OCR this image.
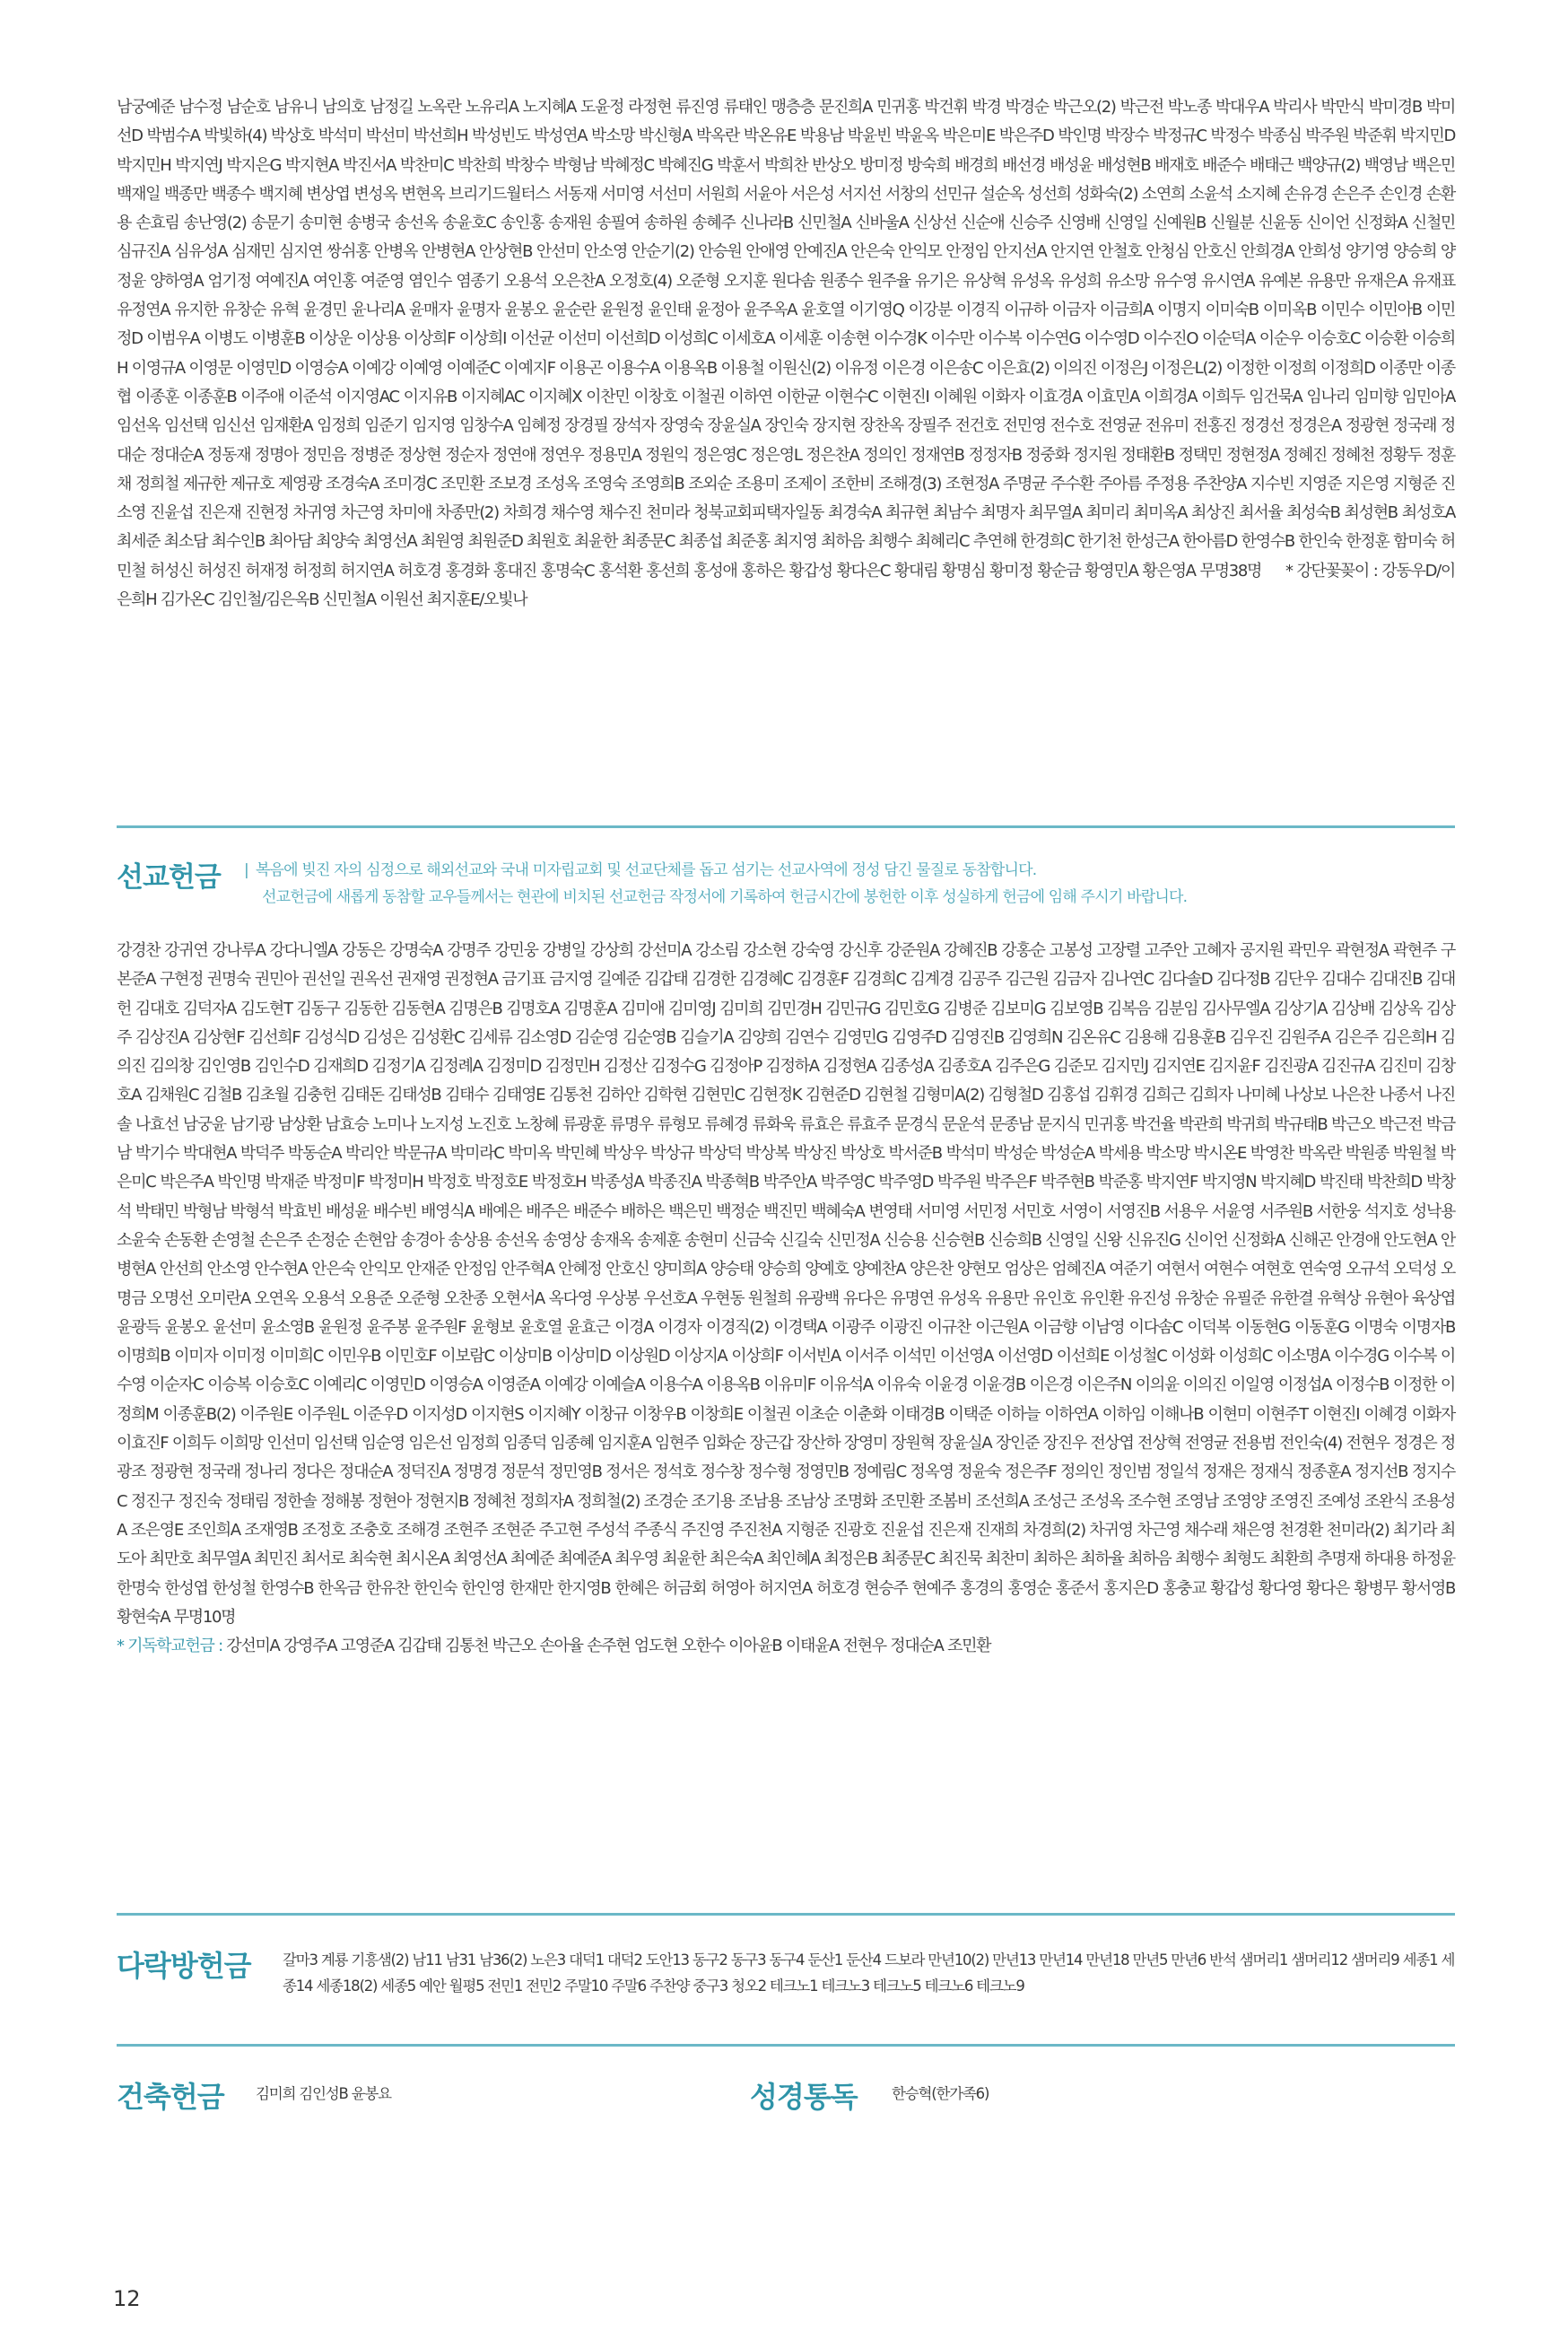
남궁예준 남수정 남순호 남유니 남의호 남정길 노옥란 노유리A 노지혜A 도윤정 라정현 류진영 류태인 맹층층 문진희A 민귀홍 박건휘 박경 박경순 박근오(2) 박근전 박노종 박대우A 박리사 박만식 박미경B 박미선D 박범수A 박빛하(4) 박상호 박석미 박선미 박선희H 박성빈도 박성연A 박소망 박신형A 박옥란 박온유E 박용남 박윤빈 박윤옥 박은미E 박은주D 박인명 박장수 박정규C 박정수 박종심 박주원 박준휘 박지민D 박지민H 박지연J 박지은G 박지현A 박진서A 박찬미C 박찬희 박창수 박형남 박혜정C 박혜진G 박훈서 박희찬 반상오 방미정 방숙희 배경희 배선경 배성윤 배성현B 배재호 배준수 배태근 백양규(2) 백영남 백은민 백재일 백종만 백종수 백지혜 변상엽 변성옥 변현옥 브리기드월터스 서동재 서미영 서선미 서원희 서윤아 서은성 서지선 서창의 선민규 설순옥 성선희 성화숙(2) 소연희 소윤석 소지혜 손유경 손은주 손인경 손환용 손효림 송난영(2) 송문기 송미현 송병국 송선옥 송윤호C 송인홍 송재원 송필여 송하원 송혜주 신나라B 신민철A 신바울A 신상선 신순애 신승주 신영배 신영일 신예원B 신월분 신윤동 신이언 신정화A 신철민 심규진A 심유성A 심재민 심지연 쌍쉬홍 안병옥 안병현A 안상현B 안선미 안소영 안순기(2) 안승원 안애영 안예진A 안은숙 안익모 안정임 안지선A 안지연 안철호 안청심 안호신 안희경A 안희성 양기영 양승희 양정윤 양하영A 엄기정 여예진A 여인홍 여준영 염인수 염종기 오용석 오은찬A 오정호(4) 오준형 오지훈 원다솜 원종수 원주율 유기은 유상혁 유성옥 유성희 유소망 유수영 유시연A 유예본 유용만 유재은A 유재표 유정연A 유지한 유창순 유혁 윤경민 윤나리A 윤매자 윤명자 윤봉오 윤순란 윤원정 윤인태 윤정아 윤주옥A 윤호열 이기영Q 이강분 이경직 이규하 이금자 이금희A 이명지 이미숙B 이미옥B 이민수 이민아B 이민정D 이범우A 이병도 이병훈B 이상운 이상용 이상희F 이상희I 이선균 이선미 이선희D 이성희C 이세호A 이세훈 이송현 이수경K 이수만 이수복 이수연G 이수영D 이수진O 이순덕A 이순우 이승호C 이승환 이승희H 이영규A 이영문 이영민D 이영승A 이예강 이예영 이예준C 이예지F 이용곤 이용수A 이용옥B 이용철 이원신(2) 이유정 이은경 이은송C 이은효(2) 이의진 이정은J 이정은L(2) 이정한 이정희 이정희D 이종만 이종협 이종훈 이종훈B 이주애 이준석 이지영AC 이지유B 이지혜AC 이지혜X 이찬민 이창호 이철권 이하연 이한균 이현수C 이현진I 이혜원 이화자 이효경A 이효민A 이희경A 이희두 임건묵A 임나리 임미향 임민아A 임선옥 임선택 임신선 임재환A 임정희 임준기 임지영 임창수A 임혜정 장경필 장석자 장영숙 장윤실A 장인숙 장지현 장찬옥 장필주 전건호 전민영 전수호 전영균 전유미 전홍진 정경선 정경은A 정광현 정국래 정대순 정대순A 정동재 정명아 정민음 정병준 정상현 정순자 정연애 정연우 정용민A 정원익 정은영C 정은영L 정은찬A 정의인 정재연B 정정자B 정중화 정지원 정태환B 정택민 정현정A 정혜진 정혜천 정황두 정훈채 정희철 제규한 제규호 제영광 조경숙A 조미경C 조민환 조보경 조성옥 조영숙 조영희B 조외순 조용미 조제이 조한비 조해경(3) 조현정A 주명균 주수환 주아름 주정용 주찬양A 지수빈 지영준 지은영 지형준 진소영 진윤섭 진은재 진현정 차귀영 차근영 차미애 차종만(2) 차희경 채수영 채수진 천미라 청북교회피택자일동 최경숙A 최규현 최남수 최명자 최무열A 최미리 최미옥A 최상진 최서율 최성숙B 최성현B 최성호A 최세준 최소담 최수인B 최아담 최양숙 최영선A 최원영 최원준D 최원호 최윤한 최종문C 최종섭 최준홍 최지영 최하음 최행수 최혜리C 추연해 한경희C 한기천 한성근A 한아름D 한영수B 한인숙 한정훈 함미숙 허민철 허성신 허성진 허재정 허정희 허지연A 허호경 홍경화 홍대진 홍명숙C 홍석환 홍선희 홍성애 홍하은 황갑성 황다은C 황대림 황명심 황미정 황순금 황영민A 황은영A 무명38명 * 강단꽃꽂이 : 강동우D/이은희H 김가온C 김인철/김은옥B 신민철A 이원선 최지훈E/오빛나

선교헌금 | 복음에 빚진 자의 심정으로 해외선교와 국내 미자립교회 및 선교단체를 돕고 섬기는 선교사역에 정성 담긴 물질로 동참합니다.

선교헌금에 새롭게 동참할 교우들께서는 현관에 비치된 선교헌금 작정서에 기록하여 헌금시간에 봉헌한 이후 성실하게 헌금에 임해 주시기 바랍니다.

강경찬 강귀연 강나루A 강다니엘A 강동은 강명숙A 강명주 강민웅 강병일 강상희 강선미A 강소림 강소현 강숙영 강신후 강준원A 강혜진B 강홍순 고봉성 고장렬 고주안 고혜자 공지원 곽민우 곽현정A 곽현주 구본준A 구현정 권명숙 권민아 권선일 권옥선 권재영 권정현A 금기표 금지영 길예준 김갑태 김경한 김경혜C 김경훈F 김경희C 김계경 김공주 김근원 김금자 김나연C 김다솔D 김다정B 김단우 김대수 김대진B 김대헌 김대호 김덕자A 김도현T 김동구 김동한 김동현A 김명은B 김명호A 김명훈A 김미애 김미영J 김미희 김민경H 김민규G 김민호G 김병준 김보미G 김보영B 김복음 김분임 김사무엘A 김상기A 김상배 김상옥 김상주 김상진A 김상현F 김선희F 김성식D 김성은 김성환C 김세류 김소영D 김순영 김순영B 김슬기A 김양희 김연수 김영민G 김영주D 김영진B 김영희N 김온유C 김용해 김용훈B 김우진 김원주A 김은주 김은희H 김의진 김의창 김인영B 김인수D 김재희D 김정기A 김정례A 김정미D 김정민H 김정산 김정수G 김정아P 김정하A 김정현A 김종성A 김종호A 김주은G 김준모 김지민J 김지연E 김지윤F 김진광A 김진규A 김진미 김창호A 김채원C 김철B 김초월 김충헌 김태돈 김태성B 김태수 김태영E 김통천 김하안 김학현 김현민C 김현정K 김현준D 김현철 김형미A(2) 김형철D 김홍섭 김휘경 김희근 김희자 나미혜 나상보 나은찬 나종서 나진솔 나효선 남궁윤 남기광 남상환 남효승 노미나 노지성 노진호 노창혜 류광훈 류명우 류형모 류혜경 류화욱 류효은 류효주 문경식 문운석 문종남 문지식 민귀홍 박건율 박관희 박귀희 박규태B 박근오 박근전 박금남 박기수 박대현A 박덕주 박동순A 박리안 박문규A 박미라C 박미옥 박민혜 박상우 박상규 박상덕 박상복 박상진 박상호 박서준B 박석미 박성순 박성순A 박세용 박소망 박시온E 박영찬 박옥란 박원종 박원철 박은미C 박은주A 박인명 박재준 박정미F 박정미H 박정호 박정호E 박정호H 박종성A 박종진A 박종혁B 박주안A 박주영C 박주영D 박주원 박주은F 박주현B 박준홍 박지연F 박지영N 박지혜D 박진태 박찬희D 박창석 박태민 박형남 박형석 박효빈 배성윤 배수빈 배영식A 배예은 배주은 배준수 배하은 백은민 백정순 백진민 백혜숙A 변영태 서미영 서민정 서민호 서영이 서영진B 서용우 서윤영 서주원B 서한웅 석지호 성낙용 소윤숙 손동환 손영철 손은주 손정순 손현암 송경아 송상용 송선옥 송영상 송재옥 송제훈 송현미 신금숙 신길숙 신민정A 신승용 신승현B 신승희B 신영일 신왕 신유진G 신이언 신정화A 신해곤 안경애 안도현A 안병현A 안선희 안소영 안수현A 안은숙 안익모 안재준 안정임 안주혁A 안혜정 안호신 양미희A 양승태 양승희 양예호 양예찬A 양은찬 양현모 엄상은 엄혜진A 여준기 여현서 여현수 여현호 연숙영 오규석 오덕성 오명금 오명선 오미란A 오연옥 오용석 오용준 오준형 오찬종 오현서A 옥다영 우상봉 우선호A 우현동 원철희 유광백 유다은 유명연 유성옥 유용만 유인호 유인환 유진성 유창순 유필준 유한결 유혁상 유현아 육상엽 윤광득 윤봉오 윤선미 윤소영B 윤원정 윤주봉 윤주원F 윤형보 윤호열 윤효근 이경A 이경자 이경직(2) 이경택A 이광주 이광진 이규찬 이근원A 이금향 이남영 이다솜C 이덕복 이동현G 이동훈G 이명숙 이명자B 이명희B 이미자 이미정 이미희C 이민우B 이민호F 이보람C 이상미B 이상미D 이상원D 이상지A 이상희F 이서빈A 이서주 이석민 이선영A 이선영D 이선희E 이성철C 이성화 이성희C 이소명A 이수경G 이수복 이수영 이순자C 이승복 이승호C 이예리C 이영민D 이영승A 이영준A 이예강 이예슬A 이용수A 이용옥B 이유미F 이유석A 이유숙 이윤경 이윤경B 이은경 이은주N 이의윤 이의진 이일영 이정섭A 이정수B 이정한 이정희M 이종훈B(2) 이주원E 이주원L 이준우D 이지성D 이지현S 이지혜Y 이창규 이창우B 이창희E 이철권 이초순 이춘화 이태경B 이택준 이하늘 이하연A 이하임 이해나B 이현미 이현주T 이현진I 이혜경 이화자 이효진F 이희두 이희망 인선미 임선택 임순영 임은선 임정희 임종덕 임종혜 임지훈A 임현주 임화순 장근갑 장산하 장영미 장원혁 장윤실A 장인준 장진우 전상엽 전상혁 전영균 전용범 전인숙(4) 전현우 정경은 정광조 정광현 정국래 정나리 정다은 정대순A 정덕진A 정명경 정문석 정민영B 정서은 정석호 정수창 정수형 정영민B 정예림C 정옥영 정윤숙 정은주F 정의인 정인범 정일석 정재은 정재식 정종훈A 정지선B 정지수C 정진구 정진숙 정태림 정한솔 정해봉 정현아 정현지B 정혜천 정희자A 정희철(2) 조경순 조기용 조남용 조남상 조명화 조민환 조봄비 조선희A 조성근 조성옥 조수현 조영남 조영양 조영진 조예성 조완식 조용성A 조은영E 조인희A 조재영B 조정호 조충호 조해경 조현주 조현준 주고현 주성석 주종식 주진영 주진천A 지형준 진광호 진윤섭 진은재 진재희 차경희(2) 차귀영 차근영 채수래 채은영 천경환 천미라(2) 최기라 최도아 최만호 최무열A 최민진 최서로 최숙현 최시온A 최영선A 최예준 최예준A 최우영 최윤한 최은숙A 최인혜A 최정은B 최종문C 최진묵 최찬미 최하은 최하율 최하음 최행수 최형도 최환희 추명재 하대용 하정윤 한명숙 한성엽 한성철 한영수B 한옥금 한유찬 한인숙 한인영 한재만 한지영B 한혜은 허금회 허영아 허지연A 허호경 현승주 현예주 홍경의 홍영순 홍준서 홍지은D 홍충교 황갑성 황다영 황다은 황병무 황서영B 황현숙A 무명10명
* 기독학교헌금 : 강선미A 강영주A 고영준A 김갑태 김통천 박근오 손아율 손주현 엄도현 오한수 이아윤B 이태윤A 전현우 정대순A 조민환

다락방헌금 갈마3 계룡 기흥샘(2) 남11 남31 남36(2) 노은3 대덕1 대덕2 도안13 동구2 동구3 동구4 둔산1 둔산4 드보라 만년10(2) 만년13 만년14 만년18 만년5 만년6 반석 샘머리1 샘머리12 샘머리9 세종1 세종14 세종18(2) 세종5 예안 월평5 전민1 전민2 주말10 주말6 주찬양 중구3 청오2 테크노1 테크노3 테크노5 테크노6 테크노9
건축헌금 김미희 김인성B 윤봉요	성경통독 한승혁(한가족6)
12
